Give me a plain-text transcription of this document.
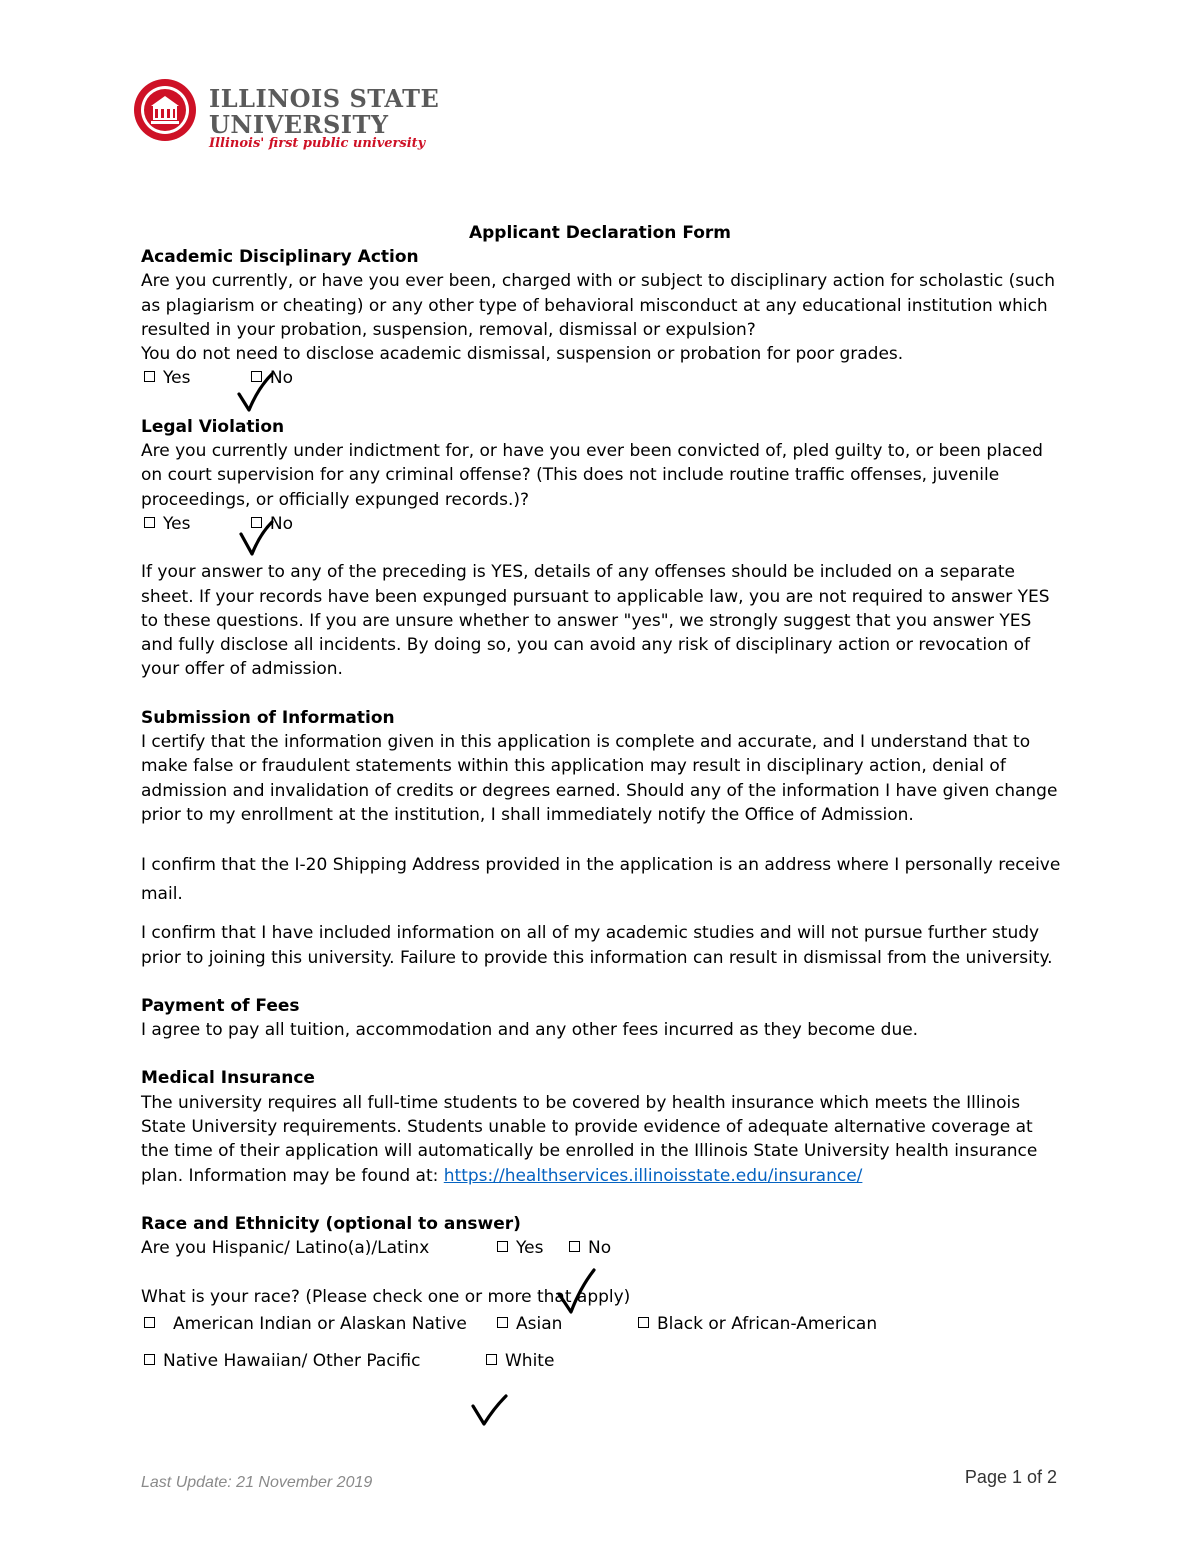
ILLINOIS STATE
UNIVERSITY
Illinois' first public university
Applicant Declaration Form
Academic Disciplinary Action

Are you currently, or have you ever been, charged with or subject to disciplinary action for scholastic (such as plagiarism or cheating) or any other type of behavioral misconduct at any educational institution which resulted in your probation, suspension, removal, dismissal or expulsion?

You do not need to disclose academic dismissal, suspension or probation for poor grades.

Yes	No
Legal Violation

Are you currently under indictment for, or have you ever been convicted of, pled guilty to, or been placed on court supervision for any criminal offense? (This does not include routine traffic offenses, juvenile proceedings, or officially expunged records.)?

Yes	No

If your answer to any of the preceding is YES, details of any offenses should be included on a separate sheet. If your records have been expunged pursuant to applicable law, you are not required to answer YES to these questions. If you are unsure whether to answer "yes", we strongly suggest that you answer YES and fully disclose all incidents. By doing so, you can avoid any risk of disciplinary action or revocation of your offer of admission.

Submission of Information

I certify that the information given in this application is complete and accurate, and I understand that to make false or fraudulent statements within this application may result in disciplinary action, denial of admission and invalidation of credits or degrees earned. Should any of the information I have given change prior to my enrollment at the institution, I shall immediately notify the Office of Admission.

I confirm that the I-20 Shipping Address provided in the application is an address where I personally receive mail.

I confirm that I have included information on all of my academic studies and will not pursue further study prior to joining this university. Failure to provide this information can result in dismissal from the university.

Payment of Fees

I agree to pay all tuition, accommodation and any other fees incurred as they become due.

Medical Insurance

The university requires all full-time students to be covered by health insurance which meets the Illinois State University requirements. Students unable to provide evidence of adequate alternative coverage at the time of their application will automatically be enrolled in the Illinois State University health insurance plan. Information may be found at: https://healthservices.illinoisstate.edu/insurance/

Race and Ethnicity (optional to answer)
Are you Hispanic/ Latino(a)/Latinx	Yes	No
What is your race? (Please check one or more that apply)
American Indian or Alaskan Native	Asian	Black or African-American
Native Hawaiian/ Other Pacific	White
Last Update: 21 November 2019	Page 1 of 2
